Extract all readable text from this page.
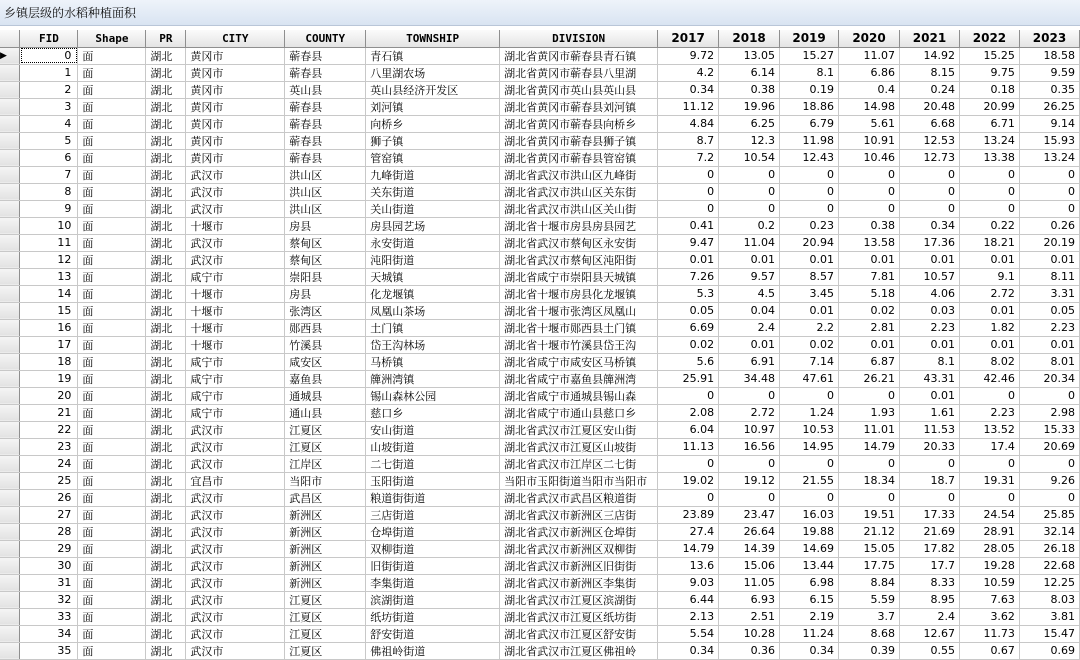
乡镇层级的水稻种植面积
	FID	Shape	PR	CITY	COUNTY	TOWNSHIP	DIVISION	2017	2018	2019	2020	2021	2022	2023
▶	0	面	湖北	黄冈市	蕲春县	青石镇	湖北省黄冈市蕲春县青石镇	9.72	13.05	15.27	11.07	14.92	15.25	18.58
	1	面	湖北	黄冈市	蕲春县	八里湖农场	湖北省黄冈市蕲春县八里湖	4.2	6.14	8.1	6.86	8.15	9.75	9.59
	2	面	湖北	黄冈市	英山县	英山县经济开发区	湖北省黄冈市英山县英山县	0.34	0.38	0.19	0.4	0.24	0.18	0.35
	3	面	湖北	黄冈市	蕲春县	刘河镇	湖北省黄冈市蕲春县刘河镇	11.12	19.96	18.86	14.98	20.48	20.99	26.25
	4	面	湖北	黄冈市	蕲春县	向桥乡	湖北省黄冈市蕲春县向桥乡	4.84	6.25	6.79	5.61	6.68	6.71	9.14
	5	面	湖北	黄冈市	蕲春县	狮子镇	湖北省黄冈市蕲春县狮子镇	8.7	12.3	11.98	10.91	12.53	13.24	15.93
	6	面	湖北	黄冈市	蕲春县	管窑镇	湖北省黄冈市蕲春县管窑镇	7.2	10.54	12.43	10.46	12.73	13.38	13.24
	7	面	湖北	武汉市	洪山区	九峰街道	湖北省武汉市洪山区九峰街	0	0	0	0	0	0	0
	8	面	湖北	武汉市	洪山区	关东街道	湖北省武汉市洪山区关东街	0	0	0	0	0	0	0
	9	面	湖北	武汉市	洪山区	关山街道	湖北省武汉市洪山区关山街	0	0	0	0	0	0	0
	10	面	湖北	十堰市	房县	房县园艺场	湖北省十堰市房县房县园艺	0.41	0.2	0.23	0.38	0.34	0.22	0.26
	11	面	湖北	武汉市	蔡甸区	永安街道	湖北省武汉市蔡甸区永安街	9.47	11.04	20.94	13.58	17.36	18.21	20.19
	12	面	湖北	武汉市	蔡甸区	沌阳街道	湖北省武汉市蔡甸区沌阳街	0.01	0.01	0.01	0.01	0.01	0.01	0.01
	13	面	湖北	咸宁市	崇阳县	天城镇	湖北省咸宁市崇阳县天城镇	7.26	9.57	8.57	7.81	10.57	9.1	8.11
	14	面	湖北	十堰市	房县	化龙堰镇	湖北省十堰市房县化龙堰镇	5.3	4.5	3.45	5.18	4.06	2.72	3.31
	15	面	湖北	十堰市	张湾区	凤凰山茶场	湖北省十堰市张湾区凤凰山	0.05	0.04	0.01	0.02	0.03	0.01	0.05
	16	面	湖北	十堰市	郧西县	土门镇	湖北省十堰市郧西县土门镇	6.69	2.4	2.2	2.81	2.23	1.82	2.23
	17	面	湖北	十堰市	竹溪县	岱王沟林场	湖北省十堰市竹溪县岱王沟	0.02	0.01	0.02	0.01	0.01	0.01	0.01
	18	面	湖北	咸宁市	咸安区	马桥镇	湖北省咸宁市咸安区马桥镇	5.6	6.91	7.14	6.87	8.1	8.02	8.01
	19	面	湖北	咸宁市	嘉鱼县	簰洲湾镇	湖北省咸宁市嘉鱼县簰洲湾	25.91	34.48	47.61	26.21	43.31	42.46	20.34
	20	面	湖北	咸宁市	通城县	锡山森林公园	湖北省咸宁市通城县锡山森	0	0	0	0	0.01	0	0
	21	面	湖北	咸宁市	通山县	慈口乡	湖北省咸宁市通山县慈口乡	2.08	2.72	1.24	1.93	1.61	2.23	2.98
	22	面	湖北	武汉市	江夏区	安山街道	湖北省武汉市江夏区安山街	6.04	10.97	10.53	11.01	11.53	13.52	15.33
	23	面	湖北	武汉市	江夏区	山坡街道	湖北省武汉市江夏区山坡街	11.13	16.56	14.95	14.79	20.33	17.4	20.69
	24	面	湖北	武汉市	江岸区	二七街道	湖北省武汉市江岸区二七街	0	0	0	0	0	0	0
	25	面	湖北	宜昌市	当阳市	玉阳街道	当阳市玉阳街道当阳市当阳市	19.02	19.12	21.55	18.34	18.7	19.31	9.26
	26	面	湖北	武汉市	武昌区	粮道街街道	湖北省武汉市武昌区粮道街	0	0	0	0	0	0	0
	27	面	湖北	武汉市	新洲区	三店街道	湖北省武汉市新洲区三店街	23.89	23.47	16.03	19.51	17.33	24.54	25.85
	28	面	湖北	武汉市	新洲区	仓埠街道	湖北省武汉市新洲区仓埠街	27.4	26.64	19.88	21.12	21.69	28.91	32.14
	29	面	湖北	武汉市	新洲区	双柳街道	湖北省武汉市新洲区双柳街	14.79	14.39	14.69	15.05	17.82	28.05	26.18
	30	面	湖北	武汉市	新洲区	旧街街道	湖北省武汉市新洲区旧街街	13.6	15.06	13.44	17.75	17.7	19.28	22.68
	31	面	湖北	武汉市	新洲区	李集街道	湖北省武汉市新洲区李集街	9.03	11.05	6.98	8.84	8.33	10.59	12.25
	32	面	湖北	武汉市	江夏区	滨湖街道	湖北省武汉市江夏区滨湖街	6.44	6.93	6.15	5.59	8.95	7.63	8.03
	33	面	湖北	武汉市	江夏区	纸坊街道	湖北省武汉市江夏区纸坊街	2.13	2.51	2.19	3.7	2.4	3.62	3.81
	34	面	湖北	武汉市	江夏区	舒安街道	湖北省武汉市江夏区舒安街	5.54	10.28	11.24	8.68	12.67	11.73	15.47
	35	面	湖北	武汉市	江夏区	佛祖岭街道	湖北省武汉市江夏区佛祖岭	0.34	0.36	0.34	0.39	0.55	0.67	0.69
